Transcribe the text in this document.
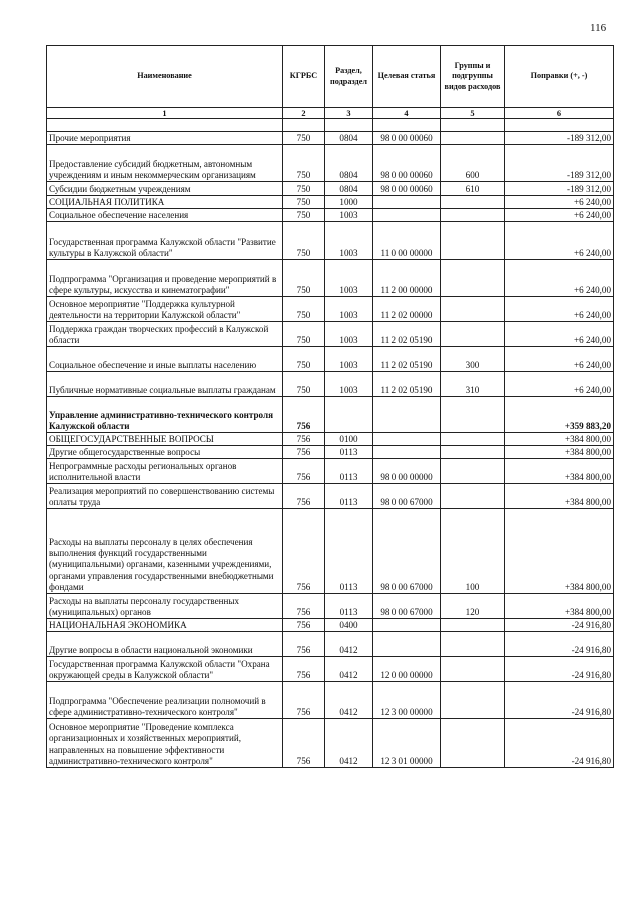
116
Наименование	КГРБС	Раздел, подраздел	Целевая статья	Группы и подгруппы видов расходов	Поправки (+, -)
1	2	3	4	5	6

Прочие мероприятия	750	0804	98 0 00 00060		-189 312,00
Предоставление субсидий бюджетным, автономным учреждениям и иным некоммерческим организациям	750	0804	98 0 00 00060	600	-189 312,00
Субсидии бюджетным учреждениям	750	0804	98 0 00 00060	610	-189 312,00
СОЦИАЛЬНАЯ ПОЛИТИКА	750	1000			+6 240,00
Социальное обеспечение населения	750	1003			+6 240,00
Государственная программа Калужской области "Развитие культуры в Калужской области"	750	1003	11 0 00 00000		+6 240,00
Подпрограмма "Организация и проведение мероприятий в сфере культуры, искусства и кинематографии"	750	1003	11 2 00 00000		+6 240,00
Основное мероприятие "Поддержка культурной деятельности на территории Калужской области"	750	1003	11 2 02 00000		+6 240,00
Поддержка граждан творческих профессий в Калужской области	750	1003	11 2 02 05190		+6 240,00
Социальное обеспечение и иные выплаты населению	750	1003	11 2 02 05190	300	+6 240,00
Публичные нормативные социальные выплаты гражданам	750	1003	11 2 02 05190	310	+6 240,00
Управление административно-технического контроля Калужской области	756				+359 883,20
ОБЩЕГОСУДАРСТВЕННЫЕ ВОПРОСЫ	756	0100			+384 800,00
Другие общегосударственные вопросы	756	0113			+384 800,00
Непрограммные расходы региональных органов исполнительной власти	756	0113	98 0 00 00000		+384 800,00
Реализация мероприятий по совершенствованию системы оплаты труда	756	0113	98 0 00 67000		+384 800,00
Расходы на выплаты персоналу в целях обеспечения выполнения функций государственными (муниципальными) органами, казенными учреждениями, органами управления государственными внебюджетными фондами	756	0113	98 0 00 67000	100	+384 800,00
Расходы на выплаты персоналу государственных (муниципальных) органов	756	0113	98 0 00 67000	120	+384 800,00
НАЦИОНАЛЬНАЯ ЭКОНОМИКА	756	0400			-24 916,80
Другие вопросы в области национальной экономики	756	0412			-24 916,80
Государственная программа Калужской области "Охрана окружающей среды в Калужской области"	756	0412	12 0 00 00000		-24 916,80
Подпрограмма "Обеспечение реализации полномочий в сфере административно-технического контроля"	756	0412	12 3 00 00000		-24 916,80
Основное мероприятие "Проведение комплекса организационных и хозяйственных мероприятий, направленных на повышение эффективности административно-технического контроля"	756	0412	12 3 01 00000		-24 916,80
